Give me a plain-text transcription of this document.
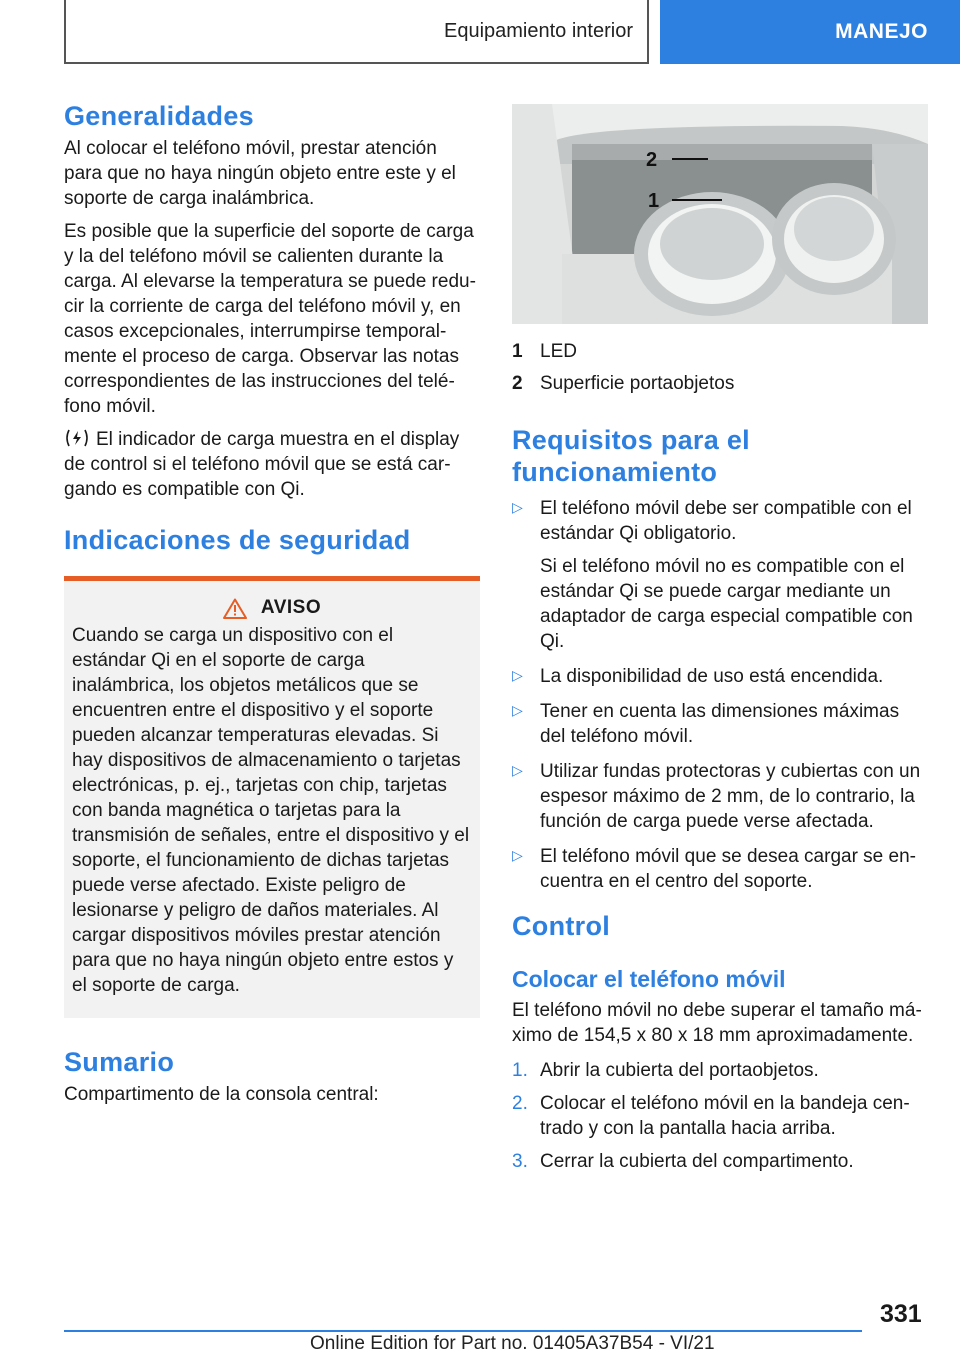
Equipamiento interior	MANEJO
Generalidades

Al colocar el teléfono móvil, prestar atención para que no haya ningún objeto entre este y el soporte de carga inalámbrica.

Es posible que la superficie del soporte de carga y la del teléfono móvil se calienten durante la carga. Al elevarse la temperatura se puede reducir la corriente de carga del teléfono móvil y, en casos excepcionales, interrumpirse temporalmente el proceso de carga. Observar las notas correspondientes de las instrucciones del teléfono móvil.

El indicador de carga muestra en el display de control si el teléfono móvil que se está cargando es compatible con Qi.

Indicaciones de seguridad
AVISO

Cuando se carga un dispositivo con el estándar Qi en el soporte de carga inalámbrica, los objetos metálicos que se encuentren entre el dispositivo y el soporte pueden alcanzar temperaturas elevadas. Si hay dispositivos de almacenamiento o tarjetas electrónicas, p. ej., tarjetas con chip, tarjetas con banda magnética o tarjetas para la transmisión de señales, entre el dispositivo y el soporte, el funcionamiento de dichas tarjetas puede verse afectado. Existe peligro de lesionarse y peligro de daños materiales. Al cargar dispositivos móviles prestar atención para que no haya ningún objeto entre estos y el soporte de carga.

Sumario

Compartimento de la consola central:

2
1
1 LED
2 Superficie portaobjetos
Requisitos para el funcionamiento
▷ El teléfono móvil debe ser compatible con el estándar Qi obligatorio.

Si el teléfono móvil no es compatible con el estándar Qi se puede cargar mediante un adaptador de carga especial compatible con Qi.

▷ La disponibilidad de uso está encendida.

▷ Tener en cuenta las dimensiones máximas del teléfono móvil.

▷ Utilizar fundas protectoras y cubiertas con un espesor máximo de 2 mm, de lo contrario, la función de carga puede verse afectada.

▷ El teléfono móvil que se desea cargar se encuentra en el centro del soporte.

Control
Colocar el teléfono móvil

El teléfono móvil no debe superar el tamaño máximo de 154,5 x 80 x 18 mm aproximadamente.

1. Abrir la cubierta del portaobjetos.
2. Colocar el teléfono móvil en la bandeja centrado y con la pantalla hacia arriba.
3. Cerrar la cubierta del compartimento.
331
Online Edition for Part no. 01405A37B54 - VI/21
